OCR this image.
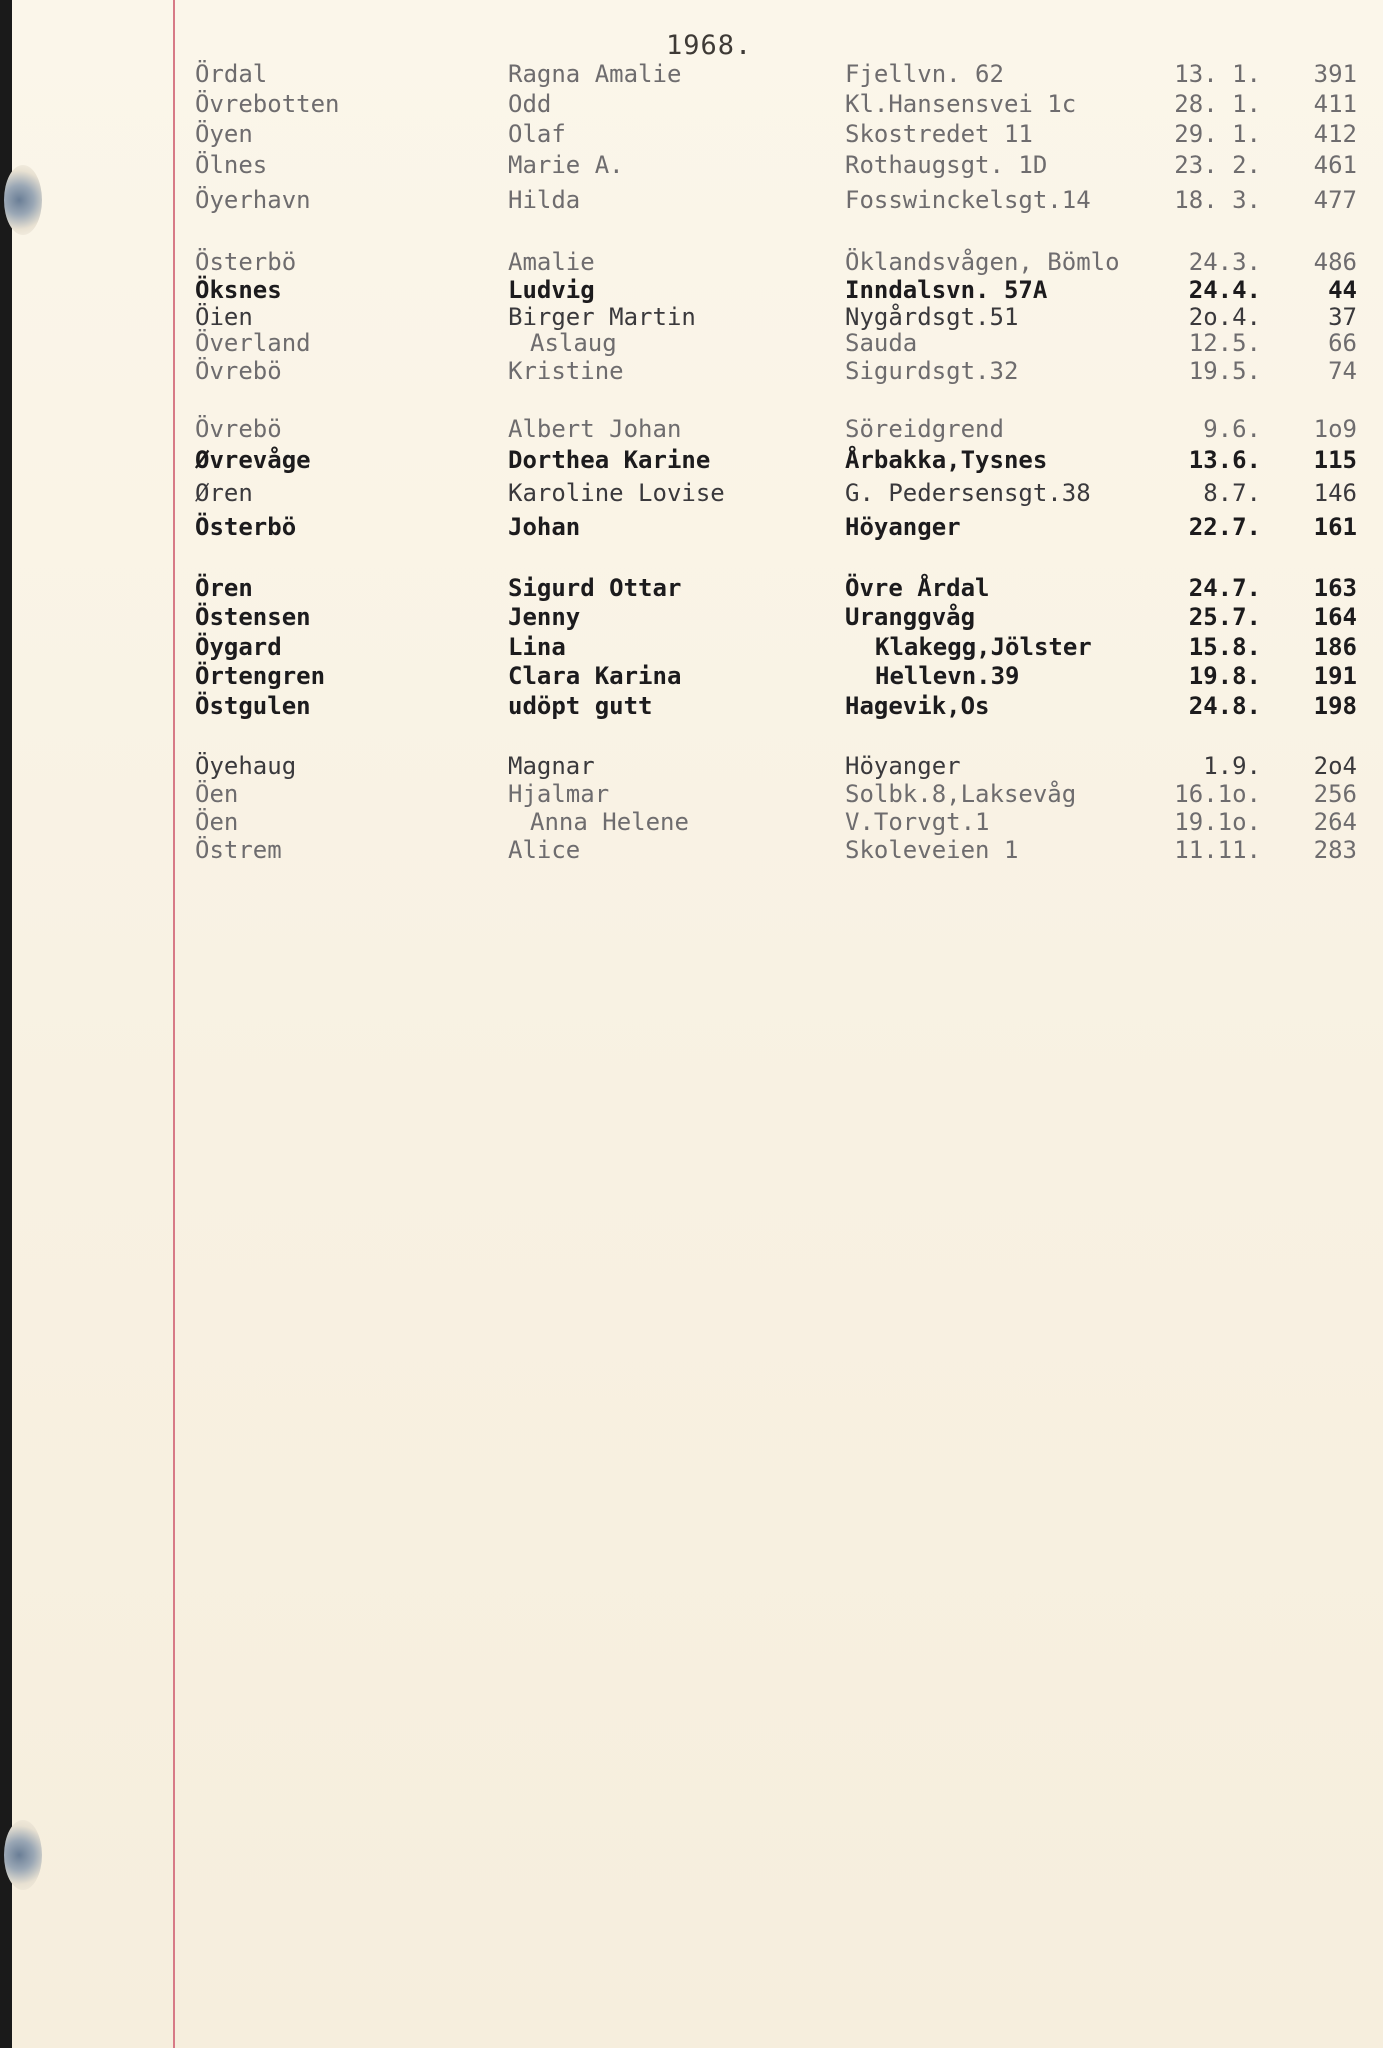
1968.
Ördal	Ragna Amalie	Fjellvn. 62	13. 1. 391
Övrebotten	Odd	Kl.Hansensvei 1c	28. 1. 411
Öyen	Olaf	Skostredet 11	29. 1. 412
Ölnes	Marie A.	Rothaugsgt. 1D	23. 2. 461
Öyerhavn	Hilda	Fosswinckelsgt.14	18. 3. 477
Österbö	Amalie	Öklandsvågen, Bömlo	24.3. 486
Öksnes	Ludvig	Inndalsvn. 57A	24.4.	44
Öien	Birger Martin	Nygårdsgt.51	2o.4.	37
Överland	Aslaug	Sauda	12.5.	66
Övrebö	Kristine	Sigurdsgt.32	19.5.	74
Övrebö	Albert Johan	Söreidgrend	9.6. 1o9
Øvrevåge	Dorthea Karine	Årbakka,Tysnes	13.6. 115
Øren	Karoline Lovise	G. Pedersensgt.38	8.7. 146
Österbö	Johan	Höyanger	22.7. 161
Ören	Sigurd Ottar	Övre Årdal	24.7. 163
Östensen	Jenny	Uranggvåg	25.7. 164
Öygard	Lina	Klakegg,Jölster	15.8. 186
Örtengren	Clara Karina	Hellevn.39	19.8. 191
Östgulen	udöpt gutt	Hagevik,Os	24.8. 198
Öyehaug	Magnar	Höyanger	1.9. 2o4
Öen	Hjalmar	Solbk.8,Laksevåg	16.1o. 256
Öen	Anna Helene	V.Torvgt.1	19.1o. 264
Östrem	Alice	Skoleveien 1	11.11. 283
